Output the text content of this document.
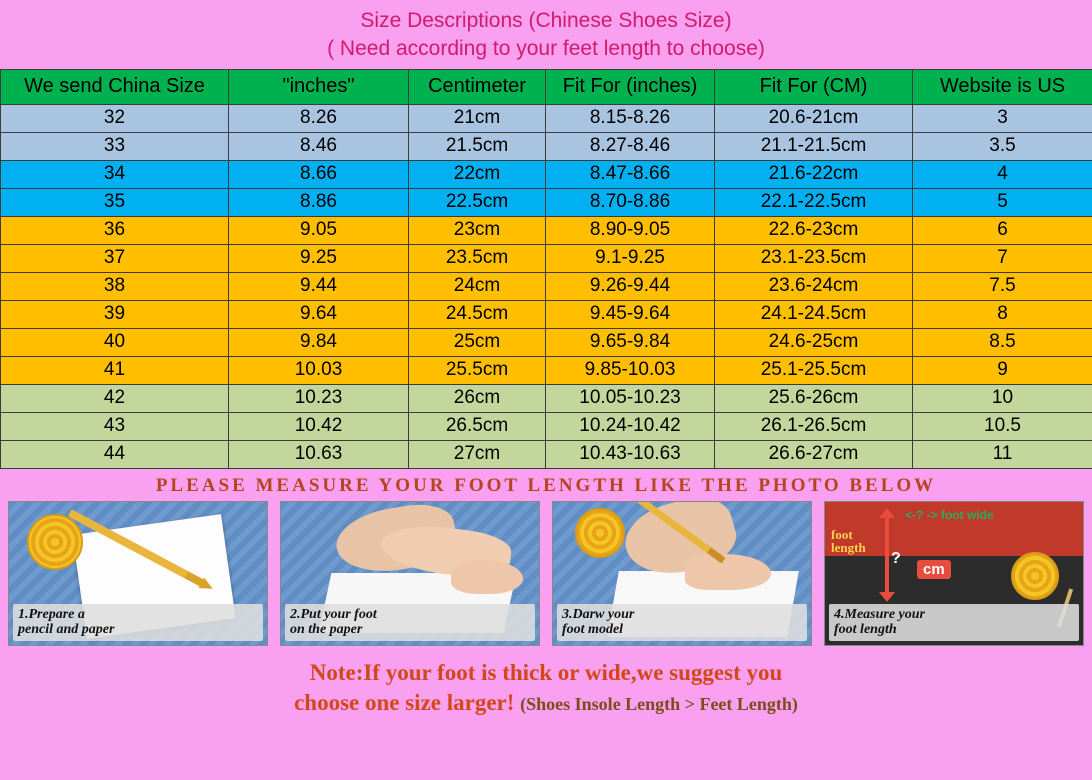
Size Descriptions (Chinese Shoes Size)
( Need according to your feet length to choose)
We send China Size	"inches"	Centimeter	Fit For (inches)	Fit For (CM)	Website is US
32	8.26	21cm	8.15-8.26	20.6-21cm	3
33	8.46	21.5cm	8.27-8.46	21.1-21.5cm	3.5
34	8.66	22cm	8.47-8.66	21.6-22cm	4
35	8.86	22.5cm	8.70-8.86	22.1-22.5cm	5
36	9.05	23cm	8.90-9.05	22.6-23cm	6
37	9.25	23.5cm	9.1-9.25	23.1-23.5cm	7
38	9.44	24cm	9.26-9.44	23.6-24cm	7.5
39	9.64	24.5cm	9.45-9.64	24.1-24.5cm	8
40	9.84	25cm	9.65-9.84	24.6-25cm	8.5
41	10.03	25.5cm	9.85-10.03	25.1-25.5cm	9
42	10.23	26cm	10.05-10.23	25.6-26cm	10
43	10.42	26.5cm	10.24-10.42	26.1-26.5cm	10.5
44	10.63	27cm	10.43-10.63	26.6-27cm	11
PLEASE MEASURE YOUR FOOT LENGTH LIKE THE PHOTO BELOW
1.Prepare a
pencil and paper
2.Put your foot
on the paper
3.Darw your
foot model
<-? -> foot wide
foot
length
?
cm
4.Measure your
foot length
Note:If your foot is thick or wide,we suggest you
choose one size larger! (Shoes Insole Length > Feet Length)
